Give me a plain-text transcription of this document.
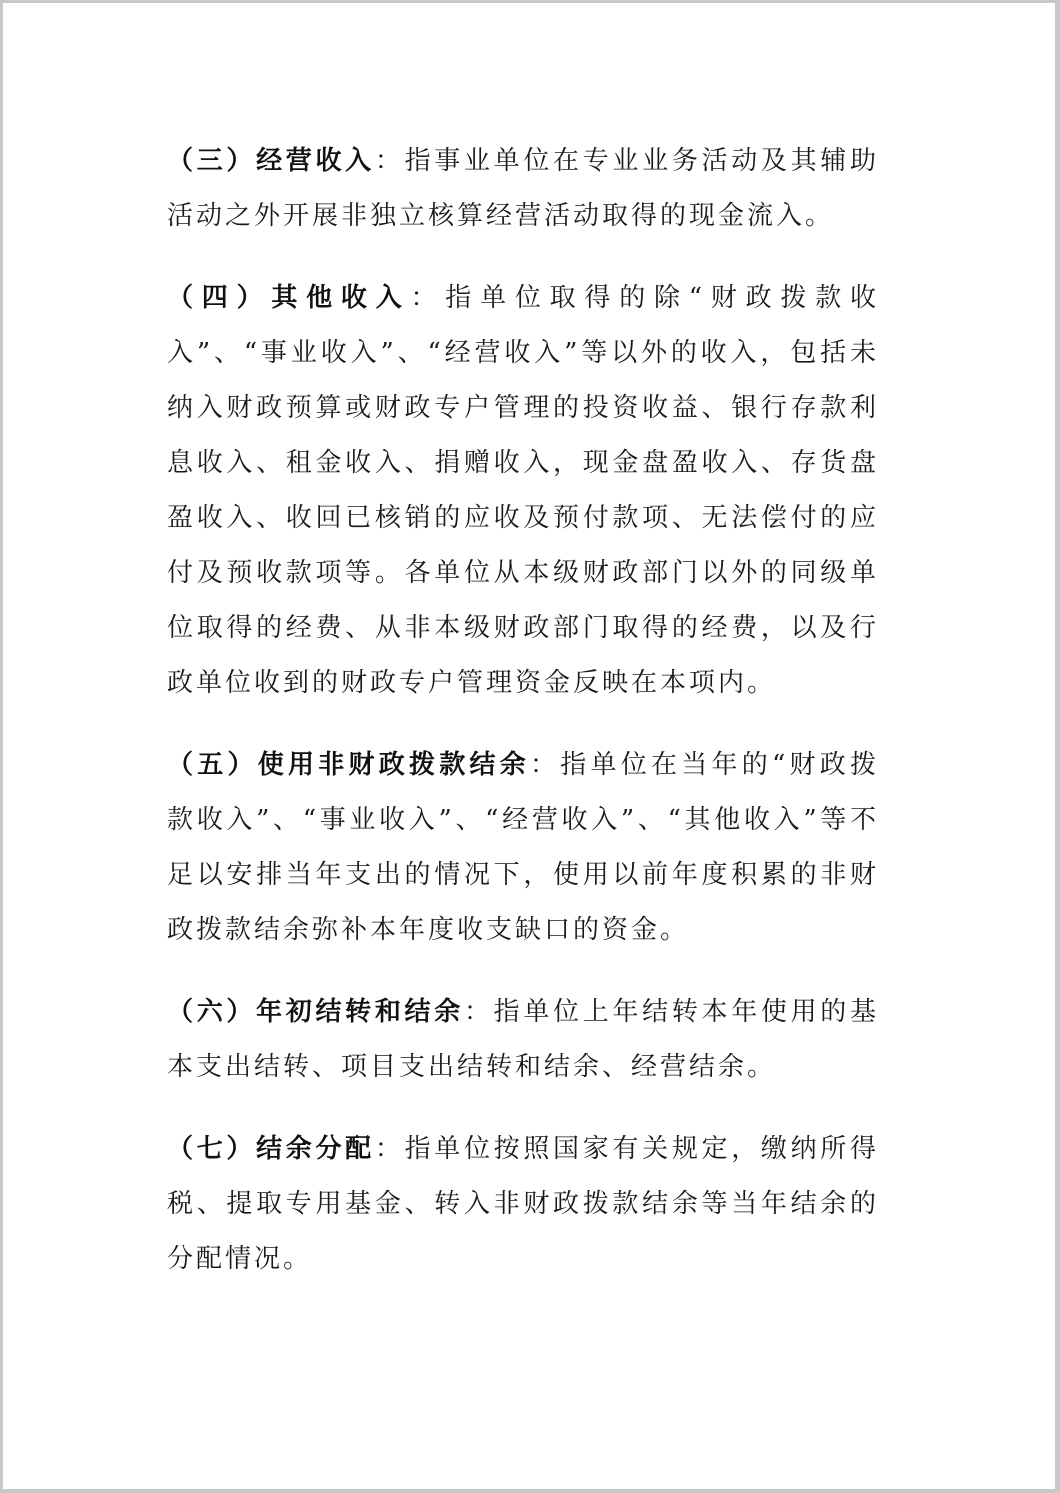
（三）经营收入：指事业单位在专业业务活动及其辅助活动之外开展非独立核算经营活动取得的现金流入。

（四）其他收入：指单位取得的除“财政拨款收入”、“事业收入”、“经营收入”等以外的收入，包括未纳入财政预算或财政专户管理的投资收益、银行存款利息收入、租金收入、捐赠收入，现金盘盈收入、存货盘盈收入、收回已核销的应收及预付款项、无法偿付的应付及预收款项等。各单位从本级财政部门以外的同级单位取得的经费、从非本级财政部门取得的经费，以及行政单位收到的财政专户管理资金反映在本项内。

（五）使用非财政拨款结余：指单位在当年的“财政拨款收入”、“事业收入”、“经营收入”、“其他收入”等不足以安排当年支出的情况下，使用以前年度积累的非财政拨款结余弥补本年度收支缺口的资金。

（六）年初结转和结余：指单位上年结转本年使用的基本支出结转、项目支出结转和结余、经营结余。

（七）结余分配：指单位按照国家有关规定，缴纳所得税、提取专用基金、转入非财政拨款结余等当年结余的分配情况。
